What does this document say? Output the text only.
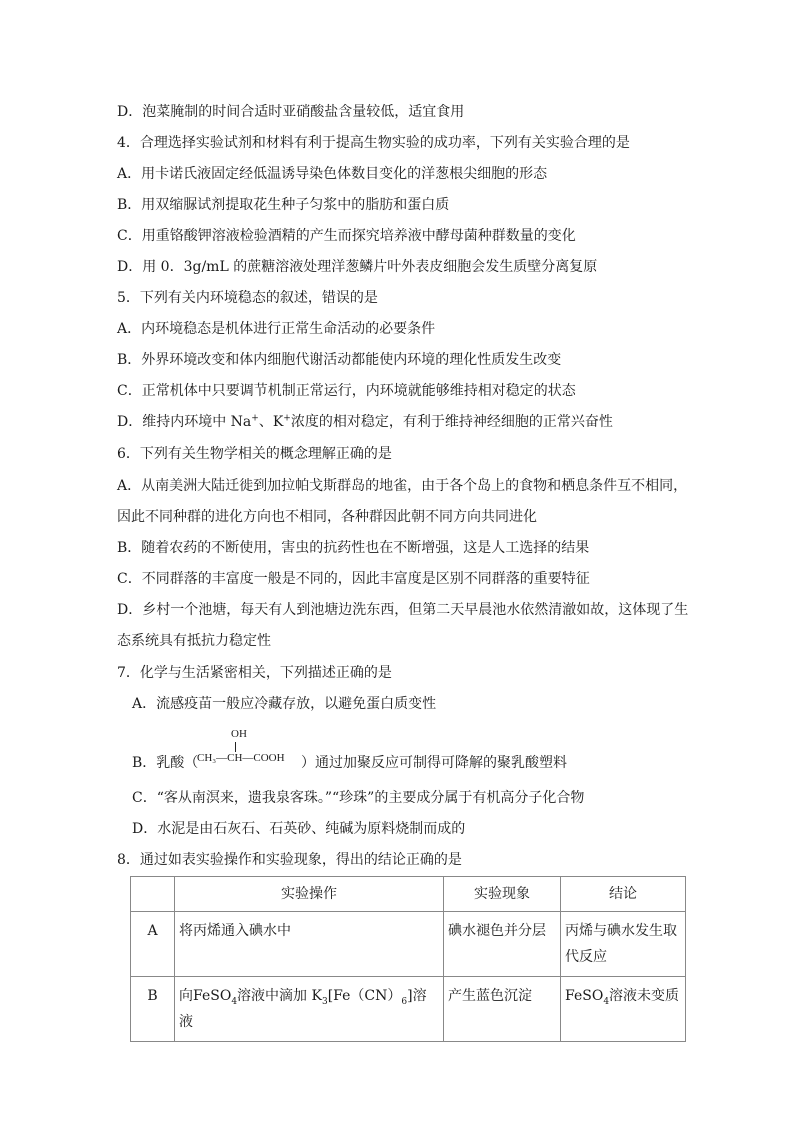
D．泡菜腌制的时间合适时亚硝酸盐含量较低，适宜食用
4．合理选择实验试剂和材料有利于提高生物实验的成功率，下列有关实验合理的是
A．用卡诺氏液固定经低温诱导染色体数目变化的洋葱根尖细胞的形态
B．用双缩脲试剂提取花生种子匀浆中的脂肪和蛋白质
C．用重铬酸钾溶液检验酒精的产生而探究培养液中酵母菌种群数量的变化
D．用 0．3g/mL 的蔗糖溶液处理洋葱鳞片叶外表皮细胞会发生质壁分离复原
5．下列有关内环境稳态的叙述，错误的是
A．内环境稳态是机体进行正常生命活动的必要条件
B．外界环境改变和体内细胞代谢活动都能使内环境的理化性质发生改变
C．正常机体中只要调节机制正常运行，内环境就能够维持相对稳定的状态
D．维持内环境中 Na+、K+浓度的相对稳定，有利于维持神经细胞的正常兴奋性
6．下列有关生物学相关的概念理解正确的是
A．从南美洲大陆迁徙到加拉帕戈斯群岛的地雀，由于各个岛上的食物和栖息条件互不相同，
因此不同种群的进化方向也不相同，各种群因此朝不同方向共同进化
B．随着农药的不断使用，害虫的抗药性也在不断增强，这是人工选择的结果
C．不同群落的丰富度一般是不同的，因此丰富度是区别不同群落的重要特征
D．乡村一个池塘，每天有人到池塘边洗东西，但第二天早晨池水依然清澈如故，这体现了生
态系统具有抵抗力稳定性
7．化学与生活紧密相关，下列描述正确的是
A．流感疫苗一般应冷藏存放，以避免蛋白质变性
B．乳酸（
OH
CH₃—CH—COOH ）通过加聚反应可制得可降解的聚乳酸塑料
C．“客从南溟来，遗我泉客珠。”“珍珠”的主要成分属于有机高分子化合物
D．水泥是由石灰石、石英砂、纯碱为原料烧制而成的
8．通过如表实验操作和实验现象，得出的结论正确的是
	实验操作	实验现象	结论
A	将丙烯通入碘水中	碘水褪色并分层	丙烯与碘水发生取代反应
B	向FeSO$_4$溶液中滴加 $K_3[Fe(CN)_6]$溶液	产生蓝色沉淀	FeSO$_4$溶液未变质
